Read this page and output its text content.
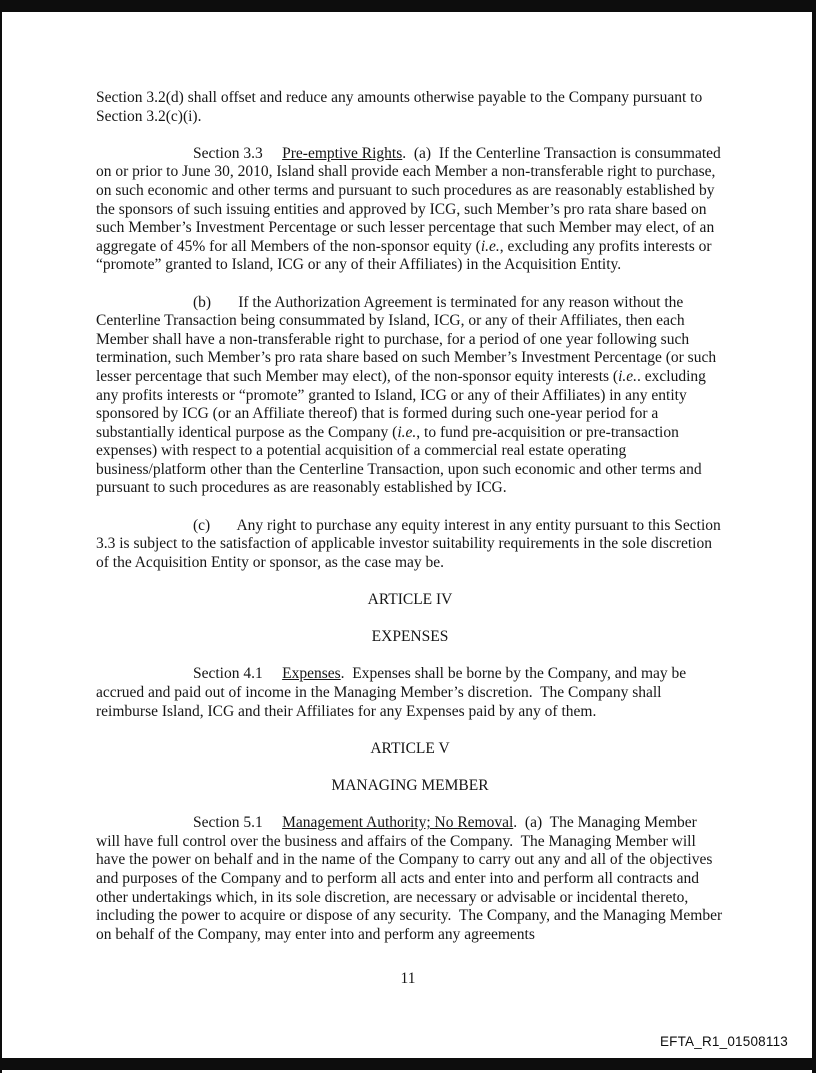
Section 3.2(d) shall offset and reduce any amounts otherwise payable to the Company pursuant to Section 3.2(c)(i).

Section 3.3     Pre-emptive Rights.  (a)  If the Centerline Transaction is consummated on or prior to June 30, 2010, Island shall provide each Member a non-transferable right to purchase, on such economic and other terms and pursuant to such procedures as are reasonably established by the sponsors of such issuing entities and approved by ICG, such Member’s pro rata share based on such Member’s Investment Percentage or such lesser percentage that such Member may elect, of an aggregate of 45% for all Members of the non-sponsor equity (i.e., excluding any profits interests or “promote” granted to Island, ICG or any of their Affiliates) in the Acquisition Entity.

(b)       If the Authorization Agreement is terminated for any reason without the Centerline Transaction being consummated by Island, ICG, or any of their Affiliates, then each Member shall have a non-transferable right to purchase, for a period of one year following such termination, such Member’s pro rata share based on such Member’s Investment Percentage (or such lesser percentage that such Member may elect), of the non-sponsor equity interests (i.e.. excluding any profits interests or “promote” granted to Island, ICG or any of their Affiliates) in any entity sponsored by ICG (or an Affiliate thereof) that is formed during such one-year period for a substantially identical purpose as the Company (i.e., to fund pre-acquisition or pre-transaction expenses) with respect to a potential acquisition of a commercial real estate operating business/platform other than the Centerline Transaction, upon such economic and other terms and pursuant to such procedures as are reasonably established by ICG.

(c)       Any right to purchase any equity interest in any entity pursuant to this Section 3.3 is subject to the satisfaction of applicable investor suitability requirements in the sole discretion of the Acquisition Entity or sponsor, as the case may be.

ARTICLE IV

EXPENSES

Section 4.1     Expenses.  Expenses shall be borne by the Company, and may be accrued and paid out of income in the Managing Member’s discretion.  The Company shall reimburse Island, ICG and their Affiliates for any Expenses paid by any of them.

ARTICLE V

MANAGING MEMBER

Section 5.1     Management Authority; No Removal.  (a)  The Managing Member will have full control over the business and affairs of the Company.  The Managing Member will have the power on behalf and in the name of the Company to carry out any and all of the objectives and purposes of the Company and to perform all acts and enter into and perform all contracts and other undertakings which, in its sole discretion, are necessary or advisable or incidental thereto, including the power to acquire or dispose of any security.  The Company, and the Managing Member on behalf of the Company, may enter into and perform any agreements

11
EFTA_R1_01508113
